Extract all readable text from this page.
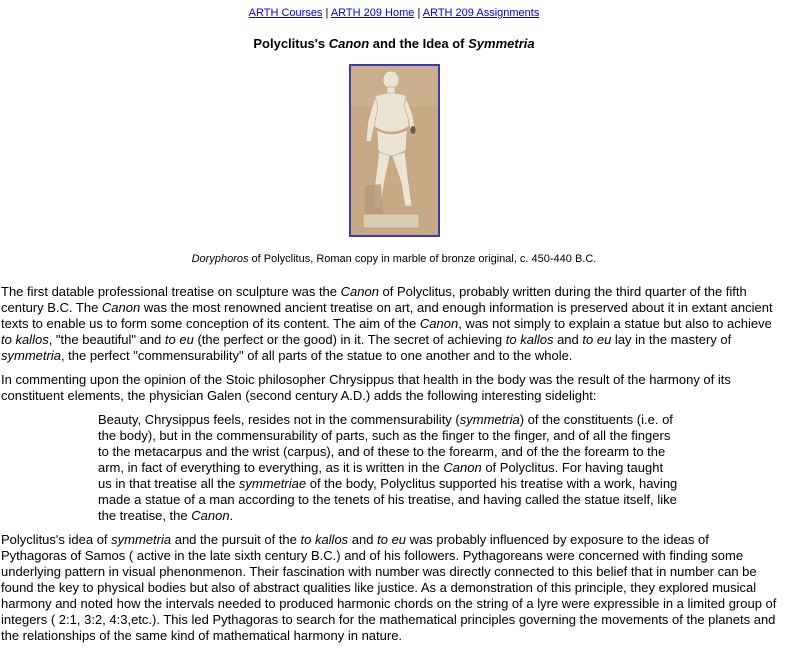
ARTH Courses | ARTH 209 Home | ARTH 209 Assignments
Polyclitus's Canon and the Idea of Symmetria
Doryphoros of Polyclitus, Roman copy in marble of bronze original, c. 450-440 B.C.

The first datable professional treatise on sculpture was the Canon of Polyclitus, probably written during the third quarter of the fifth century B.C. The Canon was the most renowned ancient treatise on art, and enough information is preserved about it in extant ancient texts to enable us to form some conception of its content. The aim of the Canon, was not simply to explain a statue but also to achieve to kallos, "the beautiful" and to eu (the perfect or the good) in it. The secret of achieving to kallos and to eu lay in the mastery of symmetria, the perfect "commensurability" of all parts of the statue to one another and to the whole.

In commenting upon the opinion of the Stoic philosopher Chrysippus that health in the body was the result of the harmony of its constituent elements, the physician Galen (second century A.D.) adds the following interesting sidelight:

Beauty, Chrysippus feels, resides not in the commensurability (symmetria) of the constituents (i.e. of the body), but in the commensurability of parts, such as the finger to the finger, and of all the fingers to the metacarpus and the wrist (carpus), and of these to the forearm, and of the the forearm to the arm, in fact of everything to everything, as it is written in the Canon of Polyclitus. For having taught us in that treatise all the symmetriae of the body, Polyclitus supported his treatise with a work, having made a statue of a man according to the tenets of his treatise, and having called the statue itself, like the treatise, the Canon.

Polyclitus's idea of symmetria and the pursuit of the to kallos and to eu was probably influenced by exposure to the ideas of Pythagoras of Samos ( active in the late sixth century B.C.) and of his followers. Pythagoreans were concerned with finding some underlying pattern in visual phenonmenon. Their fascination with number was directly connected to this belief that in number can be found the key to physical bodies but also of abstract qualities like justice. As a demonstration of this principle, they explored musical harmony and noted how the intervals needed to produced harmonic chords on the string of a lyre were expressible in a limited group of integers ( 2:1, 3:2, 4:3,etc.). This led Pythagoras to search for the mathematical principles governing the movements of the planets and the relationships of the same kind of mathematical harmony in nature.
